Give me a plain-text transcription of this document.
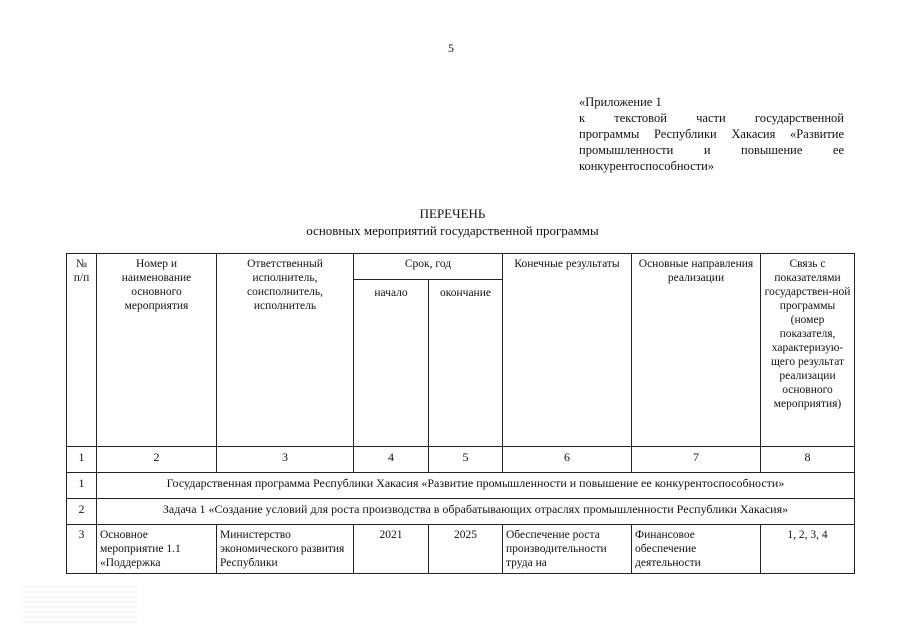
5
«Приложение 1
к текстовой части государственной
программы Республики Хакасия «Развитие
промышленности и повышение ее
конкурентоспособности»
ПЕРЕЧЕНЬ
основных мероприятий государственной программы
№ п/п	Номер и наименование основного мероприятия	Ответственный исполнитель, соисполнитель, исполнитель	Срок, год		Конечные результаты	Основные направления реализации	Связь с показателями государствен-ной программы (номер показателя, характеризую-щего результат реализации основного мероприятия)
			начало	окончание			
1	2	3	4	5	6	7	8
1	Государственная программа Республики Хакасия «Развитие промышленности и повышение ее конкурентоспособности»						
2	Задача 1 «Создание условий для роста производства в обрабатывающих отраслях промышленности Республики Хакасия»						
3	Основное мероприятие 1.1 «Поддержка	Министерство экономического развития Республики	2021	2025	Обеспечение роста производительности труда на	Финансовое обеспечение деятельности	1, 2, 3, 4
